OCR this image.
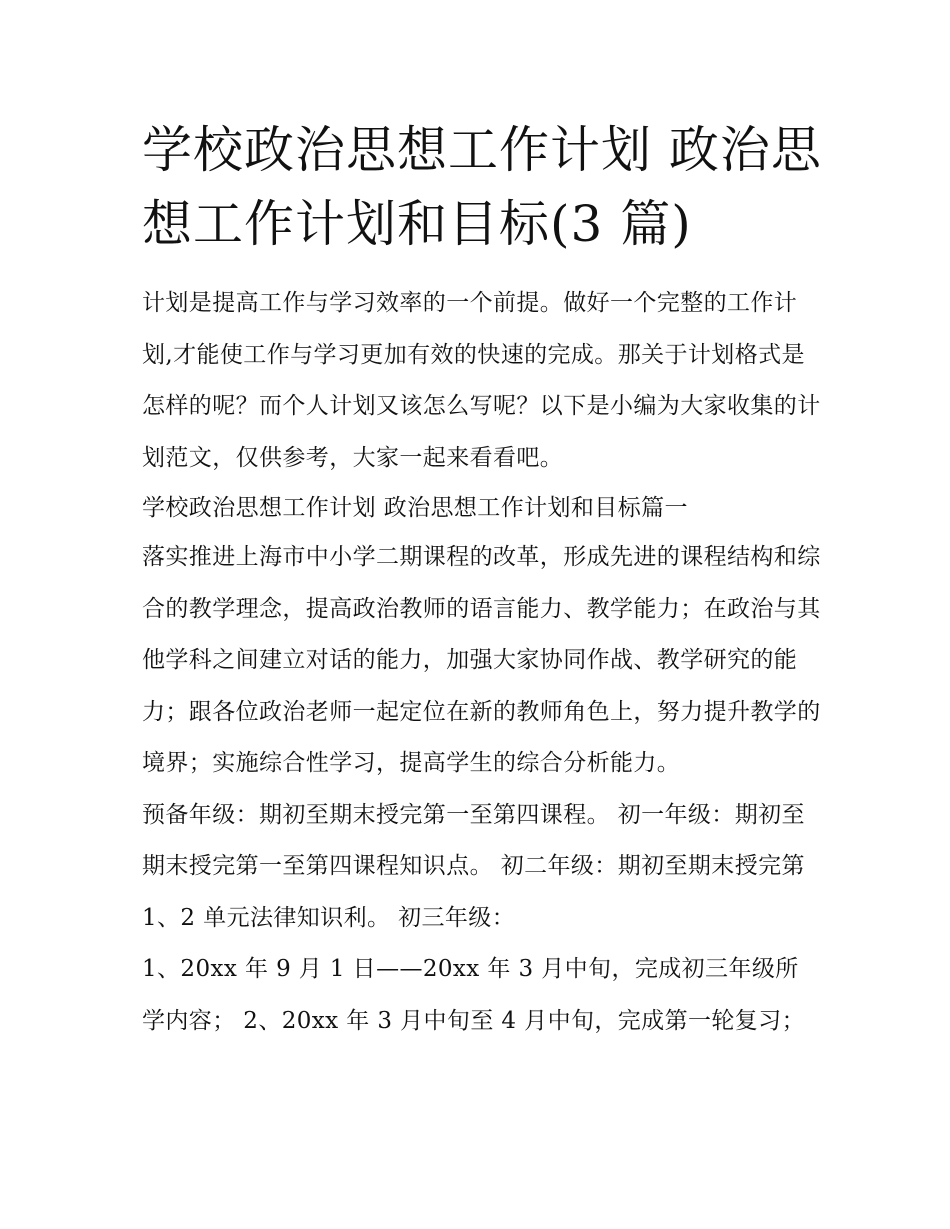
学校政治思想工作计划 政治思想工作计划和目标(3 篇)

计划是提高工作与学习效率的一个前提。做好一个完整的工作计划,才能使工作与学习更加有效的快速的完成。那关于计划格式是怎样的呢？而个人计划又该怎么写呢？以下是小编为大家收集的计划范文，仅供参考，大家一起来看看吧。

学校政治思想工作计划 政治思想工作计划和目标篇一

落实推进上海市中小学二期课程的改革，形成先进的课程结构和综合的教学理念，提高政治教师的语言能力、教学能力；在政治与其他学科之间建立对话的能力，加强大家协同作战、教学研究的能力；跟各位政治老师一起定位在新的教师角色上，努力提升教学的境界；实施综合性学习，提高学生的综合分析能力。

预备年级：期初至期末授完第一至第四课程。 初一年级：期初至期末授完第一至第四课程知识点。 初二年级：期初至期末授完第 1、2 单元法律知识利。 初三年级：

1、20xx 年 9 月 1 日——20xx 年 3 月中旬，完成初三年级所学内容； 2、20xx 年 3 月中旬至 4 月中旬，完成第一轮复习；
